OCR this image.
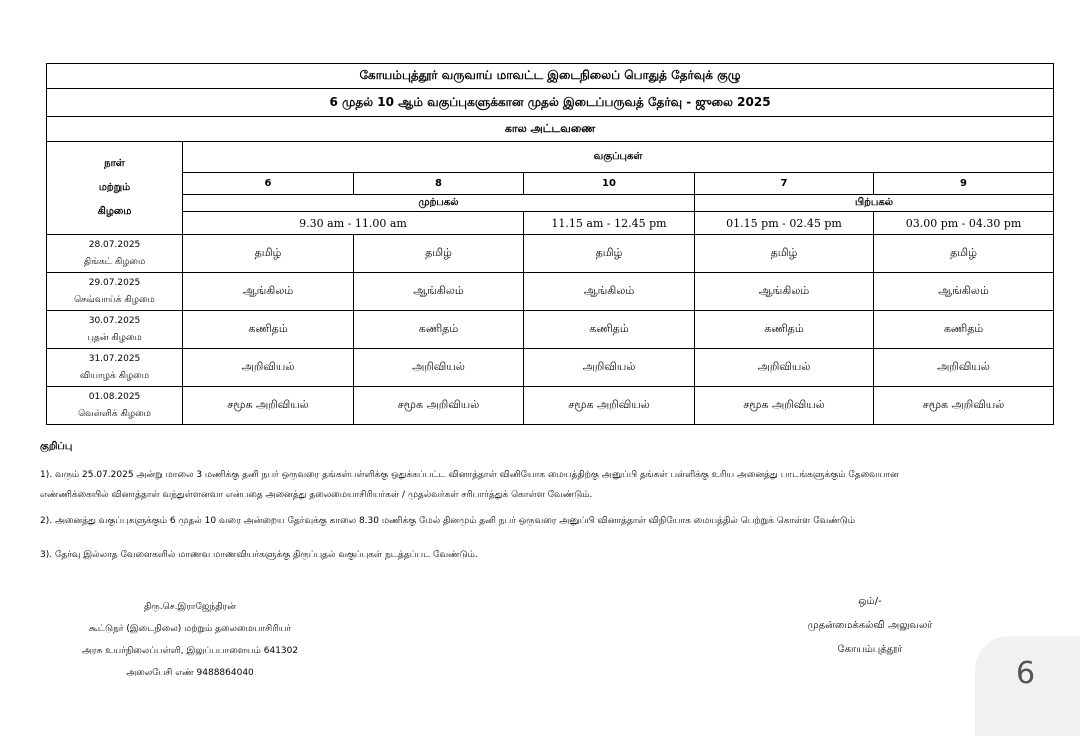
கோயம்புத்தூர் வருவாய் மாவட்ட இடைநிலைப் பொதுத் தேர்வுக் குழு					
6 முதல் 10 ஆம் வகுப்புகளுக்கான முதல் இடைப்பருவத் தேர்வு - ஜுலை 2025					
கால அட்டவணை					

நாள்
மற்றும்
கிழமை	வகுப்புகள்				
	6	8	10	7	9
	முற்பகல்			பிற்பகல்	
	9.30 am - 11.00 am		11.15 am - 12.45 pm	01.15 pm - 02.45 pm	03.00 pm - 04.30 pm

28.07.2025
திங்கட் கிழமை	தமிழ்	தமிழ்	தமிழ்	தமிழ்	தமிழ்

29.07.2025
செவ்வாய்க் கிழமை	ஆங்கிலம்	ஆங்கிலம்	ஆங்கிலம்	ஆங்கிலம்	ஆங்கிலம்

30.07.2025
புதன் கிழமை	கணிதம்	கணிதம்	கணிதம்	கணிதம்	கணிதம்

31.07.2025
வியாழக் கிழமை	அறிவியல்	அறிவியல்	அறிவியல்	அறிவியல்	அறிவியல்

01.08.2025
வெள்ளிக் கிழமை	சமூக அறிவியல்	சமூக அறிவியல்	சமூக அறிவியல்	சமூக அறிவியல்	சமூக அறிவியல்
குறிப்பு

1). வரும் 25.07.2025 அன்று மாலை 3 மணிக்கு தனி நபர் ஒருவரை தங்கள்பள்ளிக்கு ஒதுக்கப்பட்ட வினாத்தாள் வினியோக மையத்திற்கு அனுப்பி தங்கள் பள்ளிக்கு உரிய அனைத்து பாடங்களுக்கும் தேவையான

எண்ணிக்கையில் வினாத்தாள் வந்துள்ளனவா என்பதை அனைத்து தலைமையாசிரியர்கள் / முதல்வர்கள் சரிபார்த்துக் கொள்ள வேண்டும்.

2). அனைத்து வகுப்புகளுக்கும் 6 முதல் 10 வரை அன்றைய தேர்வுக்கு காலை 8.30 மணிக்கு மேல் தினமும் தனி நபர் ஒருவரை அனுப்பி வினாத்தாள் விநியோக மையத்தில் பெற்றுக் கொள்ள வேண்டும்

3). தேர்வு இல்லாத வேளைகளில் மாணவ மாணவியர்களுக்கு திருப்புதல் வகுப்புகள் நடத்தப்பட வேண்டும்.

திரு.செ.இராஜேந்திரன்
கூட்டுநர் (இடைநிலை) மற்றும் தலைமையாசிரியர்
அரசு உயர்நிலைப்பள்ளி, இலுப்பபாளையம் 641302
அலைபேசி எண் 9488864040
ஒம்/-
முதன்மைக்கல்வி அலுவலர்
கோயம்புத்தூர்
6
